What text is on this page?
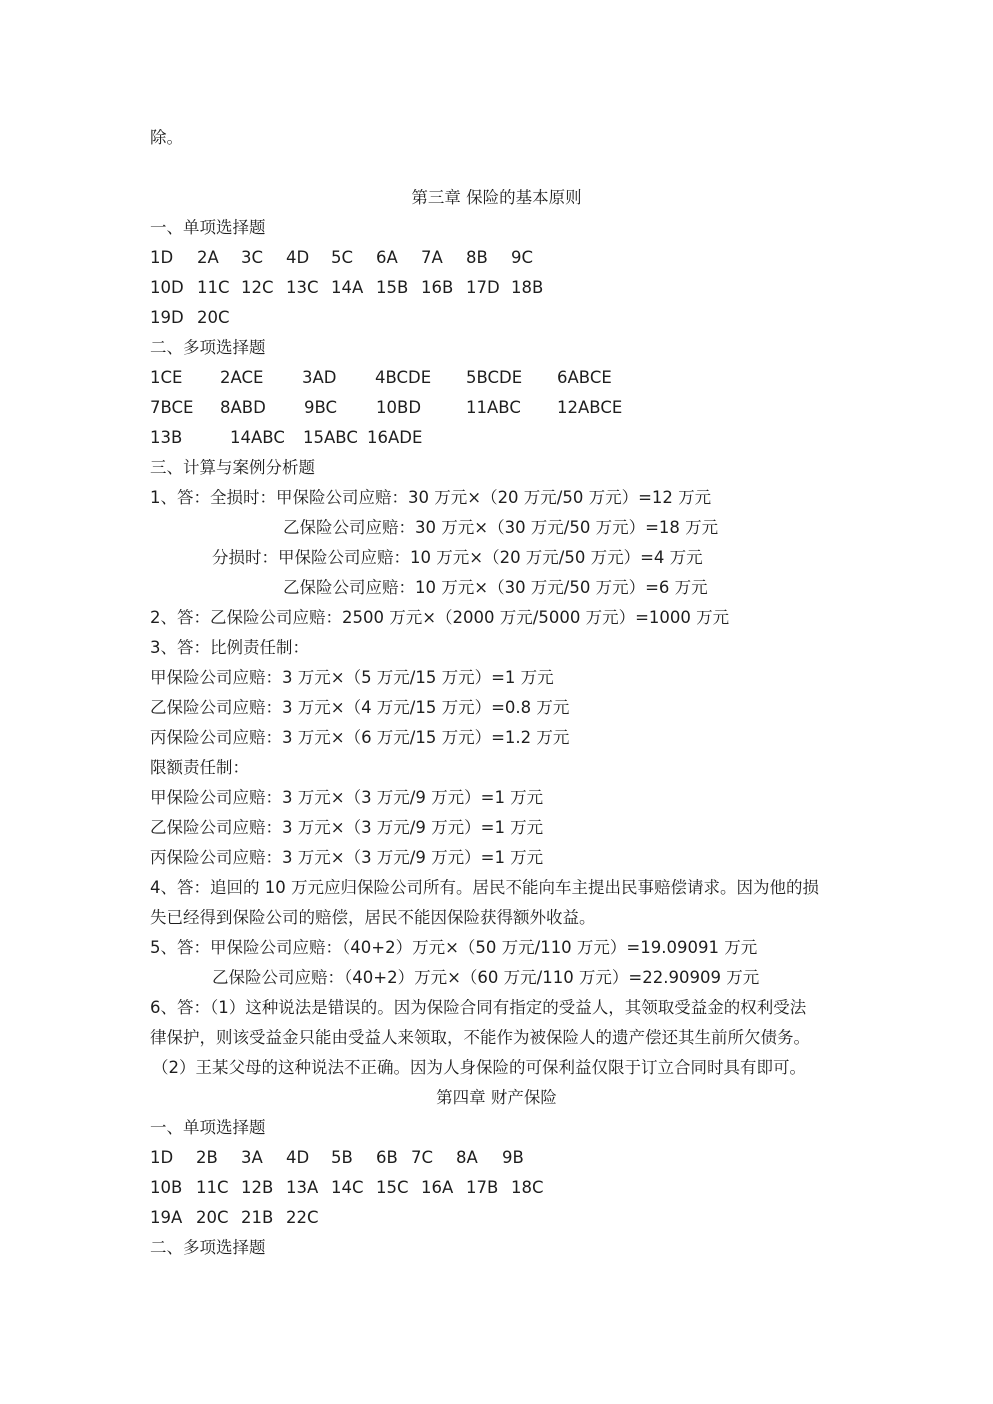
除。
第三章 保险的基本原则
一、单项选择题
1D 2A 3C 4D 5C 6A 7A 8B 9C
10D 11C 12C 13C 14A 15B 16B 17D 18B
19D 20C
二、多项选择题
1CE 2ACE 3AD 4BCDE 5BCDE 6ABCE
7BCE 8ABD 9BC 10BD	11ABC 12ABCE
13B	14ABC 15ABC 16ADE
三、计算与案例分析题
1、答：全损时：甲保险公司应赔：30 万元×（20 万元/50 万元）=12 万元
乙保险公司应赔：30 万元×（30 万元/50 万元）=18 万元
分损时：甲保险公司应赔：10 万元×（20 万元/50 万元）=4 万元
乙保险公司应赔：10 万元×（30 万元/50 万元）=6 万元
2、答：乙保险公司应赔：2500 万元×（2000 万元/5000 万元）=1000 万元
3、答：比例责任制：
甲保险公司应赔：3 万元×（5 万元/15 万元）=1 万元
乙保险公司应赔：3 万元×（4 万元/15 万元）=0.8 万元
丙保险公司应赔：3 万元×（6 万元/15 万元）=1.2 万元
限额责任制：
甲保险公司应赔：3 万元×（3 万元/9 万元）=1 万元
乙保险公司应赔：3 万元×（3 万元/9 万元）=1 万元
丙保险公司应赔：3 万元×（3 万元/9 万元）=1 万元
4、答：追回的 10 万元应归保险公司所有。居民不能向车主提出民事赔偿请求。因为他的损
失已经得到保险公司的赔偿，居民不能因保险获得额外收益。
5、答：甲保险公司应赔：（40+2）万元×（50 万元/110 万元）=19.09091 万元
乙保险公司应赔：（40+2）万元×（60 万元/110 万元）=22.90909 万元
6、答：（1）这种说法是错误的。因为保险合同有指定的受益人，其领取受益金的权利受法
律保护，则该受益金只能由受益人来领取，不能作为被保险人的遗产偿还其生前所欠债务。
（2）王某父母的这种说法不正确。因为人身保险的可保利益仅限于订立合同时具有即可。
第四章 财产保险
一、单项选择题
1D 2B 3A 4D 5B 6B 7C 8A 9B
10B 11C 12B 13A 14C 15C 16A 17B 18C
19A 20C 21B 22C
二、多项选择题
